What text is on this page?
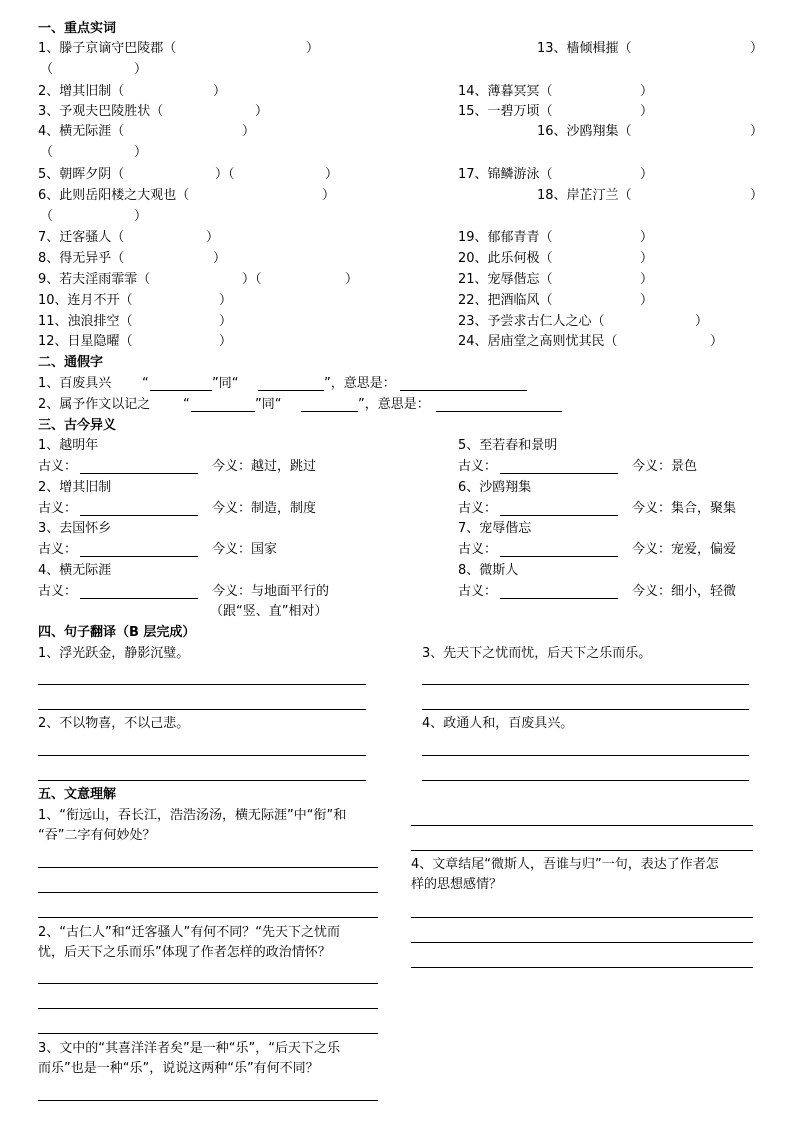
一、重点实词
1、滕子京谪守巴陵郡（	）
（	）
2、增其旧制（	）
3、予观夫巴陵胜状（	）
4、横无际涯（	）
（	）
5、朝晖夕阴（	）（	）
6、此则岳阳楼之大观也（	）
（	）
7、迁客骚人（	）
8、得无异乎（	）
9、若夫淫雨霏霏（	）（	）
10、连月不开（	）
11、浊浪排空（	）
12、日星隐曜（	）
13、樯倾楫摧（	）
14、薄暮冥冥（	）
15、一碧万顷（	）
16、沙鸥翔集（	）
17、锦鳞游泳（	）
18、岸芷汀兰（	）
19、郁郁青青（	）
20、此乐何极（	）
21、宠辱偕忘（	）
22、把酒临风（	）
23、予尝求古仁人之心（	）
24、居庙堂之高则忧其民（	）
二、通假字
1、百废具兴 “	”同“	”，意思是：
2、属予作文以记之	“	”同“	”，意思是：
三、古今异义
1、越明年
古义：	今义：越过，跳过
2、增其旧制
古义：	今义：制造，制度
3、去国怀乡
古义：	今义：国家
4、横无际涯
古义：	今义：与地面平行的
（跟“竖、直”相对）
5、至若春和景明
古义：	今义：景色
6、沙鸥翔集
古义：	今义：集合，聚集
7、宠辱偕忘
古义：	今义：宠爱，偏爱
8、微斯人
古义：	今义：细小，轻微
四、句子翻译（B 层完成）
1、浮光跃金，静影沉璧。
2、不以物喜，不以己悲。
3、先天下之忧而忧，后天下之乐而乐。
4、政通人和，百废具兴。
五、文意理解
1、“衔远山，吞长江，浩浩汤汤，横无际涯”中“衔”和
“吞”二字有何妙处？
2、“古仁人”和“迁客骚人”有何不同？“先天下之忧而
忧，后天下之乐而乐”体现了作者怎样的政治情怀？
3、文中的“其喜洋洋者矣”是一种“乐”，“后天下之乐
而乐”也是一种“乐”，说说这两种“乐”有何不同？
4、文章结尾“微斯人，吾谁与归”一句，表达了作者怎
样的思想感情？
